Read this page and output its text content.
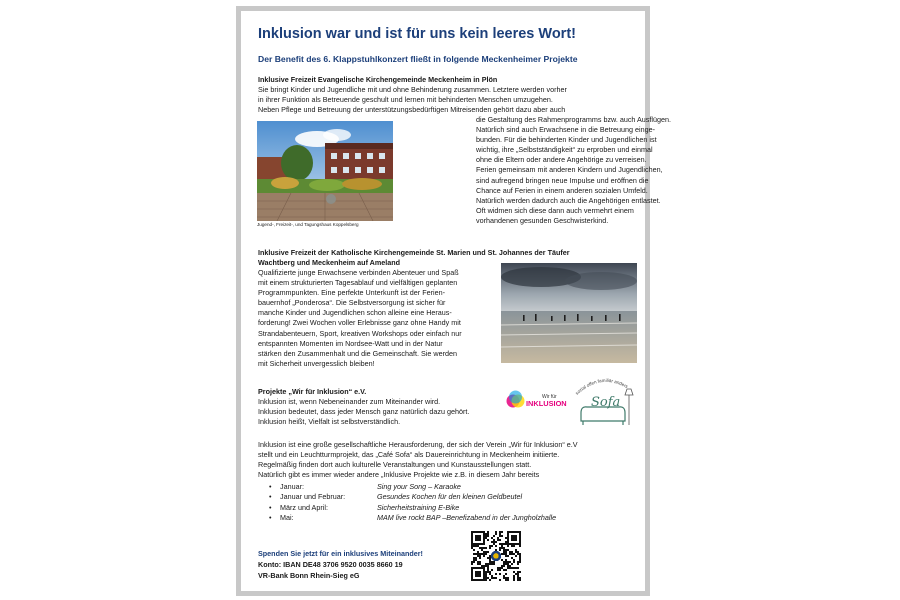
Inklusion war und ist für uns kein leeres Wort!
Der Benefit des 6. Klappstuhlkonzert fließt in folgende Meckenheimer Projekte
Inklusive Freizeit Evangelische Kirchengemeinde Meckenheim in Plön
Sie bringt Kinder und Jugendliche mit und ohne Behinderung zusammen. Letztere werden vorher
in ihrer Funktion als Betreuende geschult und lernen mit behinderten Menschen umzugehen.
Neben Pflege und Betreuung der unterstützungsbedürftigen Mitreisenden gehört dazu aber auch
Jugend-, Freizeit-, und Tagungshaus Koppelsberg
die Gestaltung des Rahmenprogramms bzw. auch Ausflügen.
Natürlich sind auch Erwachsene in die Betreuung einge-
bunden. Für die behinderten Kinder und Jugendlichen ist
wichtig, ihre „Selbstständigkeit“ zu erproben und einmal
ohne die Eltern oder andere Angehörige zu verreisen.
Ferien gemeinsam mit anderen Kindern und Jugendlichen,
sind aufregend bringen neue Impulse und eröffnen die
Chance auf Ferien in einem anderen sozialen Umfeld.
Natürlich werden dadurch auch die Angehörigen entlastet.
Oft widmen sich diese dann auch vermehrt einem
vorhandenen gesunden Geschwisterkind.
Inklusive Freizeit der Katholische Kirchengemeinde St. Marien und St. Johannes der Täufer
Wachtberg und Meckenheim auf Ameland
Qualifizierte junge Erwachsene verbinden Abenteuer und Spaß
mit einem strukturierten Tagesablauf und vielfältigen geplanten
Programmpunkten. Eine perfekte Unterkunft ist der Ferien-
bauernhof „Ponderosa“. Die Selbstversorgung ist sicher für
manche Kinder und Jugendlichen schon alleine eine Heraus-
forderung! Zwei Wochen voller Erlebnisse ganz ohne Handy mit
Strandabenteuern, Sport, kreativen Workshops oder einfach nur
entspannten Momenten im Nordsee-Watt und in der Natur
stärken den Zusammenhalt und die Gemeinschaft. Sie werden
mit Sicherheit unvergesslich bleiben!
Projekte „Wir für Inklusion“ e.V.
Inklusion ist, wenn Nebeneinander zum Miteinander wird.
Inklusion bedeutet, dass jeder Mensch ganz natürlich dazu gehört.
Inklusion heißt, Vielfalt ist selbstverständlich.
Wir für
INKLUSION
sozial offen familiär anders
Sofa
Inklusion ist eine große gesellschaftliche Herausforderung, der sich der Verein „Wir für Inklusion“ e.V
stellt und ein Leuchtturmprojekt, das „Café Sofa“ als Dauereinrichtung in Meckenheim initiierte.
Regelmäßig finden dort auch kulturelle Veranstaltungen und Kunstausstellungen statt.
Natürlich gibt es immer wieder andere „Inklusive Projekte wie z.B. in diesem Jahr bereits
• Januar:	Sing your Song – Karaoke
• Januar und Februar:	Gesundes Kochen für den kleinen Geldbeutel
• März und April:	Sicherheitstraining E-Bike
• Mai:	MAM live rockt BAP –Benefizabend in der Jungholzhalle
Spenden Sie jetzt für ein inklusives Miteinander!
Konto: IBAN DE48 3706 9520 0035 8660 19
VR-Bank Bonn Rhein-Sieg eG
